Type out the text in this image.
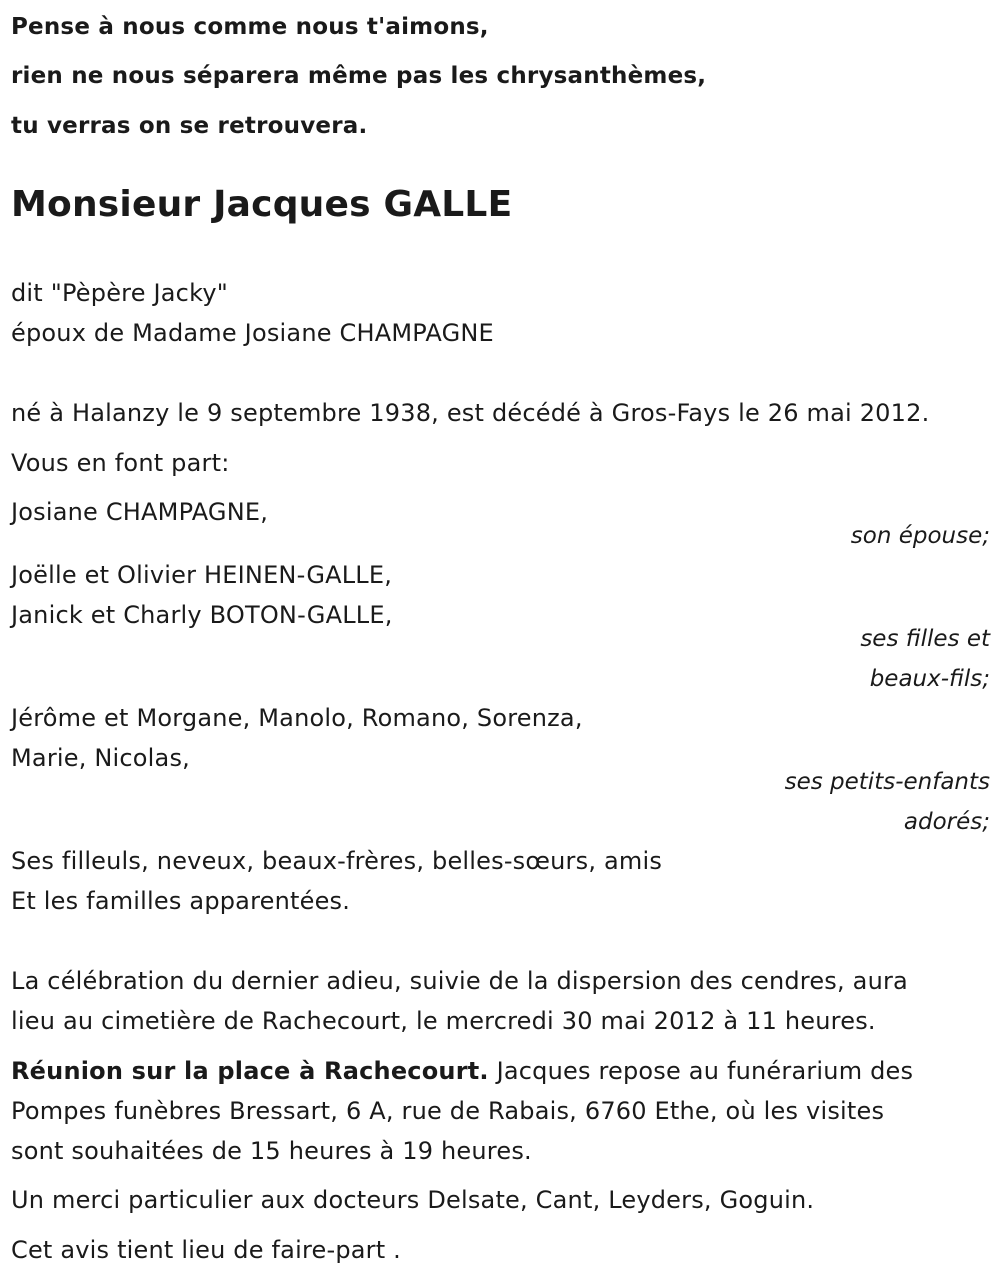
Pense à nous comme nous t'aimons,
rien ne nous séparera même pas les chrysanthèmes,
tu verras on se retrouvera.
Monsieur Jacques GALLE
dit "Pèpère Jacky"
époux de Madame Josiane CHAMPAGNE
né à Halanzy le 9 septembre 1938, est décédé à Gros-Fays le 26 mai 2012.
Vous en font part:
Josiane CHAMPAGNE,
son épouse;
Joëlle et Olivier HEINEN-GALLE,
Janick et Charly BOTON-GALLE,
ses filles et
beaux-fils;
Jérôme et Morgane, Manolo, Romano, Sorenza,
Marie, Nicolas,
ses petits-enfants
adorés;
Ses filleuls, neveux, beaux-frères, belles-sœurs, amis
Et les familles apparentées.
La célébration du dernier adieu, suivie de la dispersion des cendres, aura
lieu au cimetière de Rachecourt, le mercredi 30 mai 2012 à 11 heures.
Réunion sur la place à Rachecourt. Jacques repose au funérarium des
Pompes funèbres Bressart, 6 A, rue de Rabais, 6760 Ethe, où les visites
sont souhaitées de 15 heures à 19 heures.
Un merci particulier aux docteurs Delsate, Cant, Leyders, Goguin.
Cet avis tient lieu de faire-part .
